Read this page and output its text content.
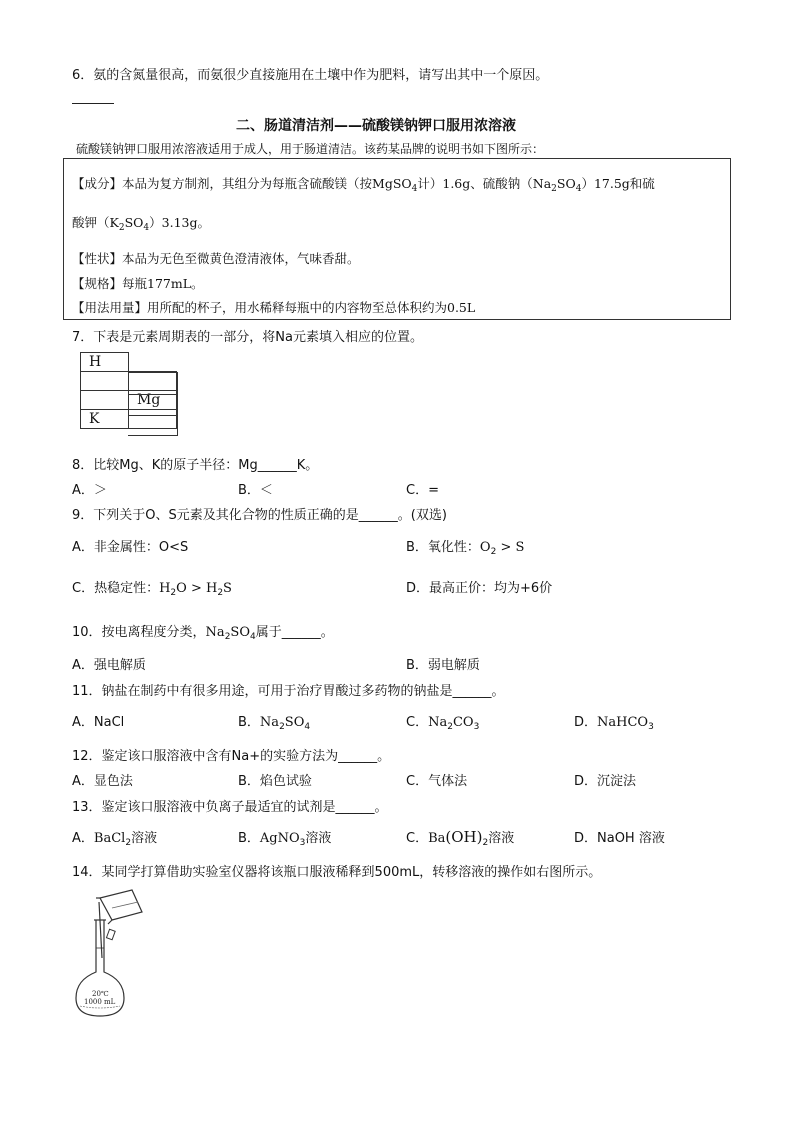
6．氨的含氮量很高，而氨很少直接施用在土壤中作为肥料，请写出其中一个原因。
二、肠道清洁剂——硫酸镁钠钾口服用浓溶液
硫酸镁钠钾口服用浓溶液适用于成人，用于肠道清洁。该药某品牌的说明书如下图所示：
【成分】本品为复方制剂，其组分为每瓶含硫酸镁（按MgSO$_4$计）1.6g、硫酸钠$(Na_2SO_4)17.5g$和硫
酸钾$(K_2SO_4)3.13g$。
【性状】本品为无色至微黄色澄清液体，气味香甜。
【规格】每瓶177mL。
【用法用量】用所配的杯子，用水稀释每瓶中的内容物至总体积约为0.5L
7．下表是元素周期表的一部分，将Na元素填入相应的位置。
H		

	Mg	
K		
8．比较Mg、K的原子半径：Mg______K。
A．＞	B．＜	C．=
9．下列关于O、S元素及其化合物的性质正确的是______。(双选)
A．非金属性：O<S	B．氧化性：$O_2 > S$
C．热稳定性：$H_2O > H_2S$	D．最高正价：均为+6价
10．按电离程度分类，$Na_2SO_4$属于______。
A．强电解质	B．弱电解质
11．钠盐在制药中有很多用途，可用于治疗胃酸过多药物的钠盐是______。
A．NaCl	B．$Na_2SO_4$	C．$Na_2CO_3$	D．NaHCO$_3$
12．鉴定该口服溶液中含有Na+的实验方法为______。
A．显色法	B．焰色试验	C．气体法	D．沉淀法
13．鉴定该口服溶液中负离子最适宜的试剂是______。
A．BaCl$_2$溶液	B．AgNO$_3$溶液	C．$Ba(OH)_2$溶液	D．NaOH 溶液
14．某同学打算借助实验室仪器将该瓶口服液稀释到500mL，转移溶液的操作如右图所示。
20℃
1000 mL
